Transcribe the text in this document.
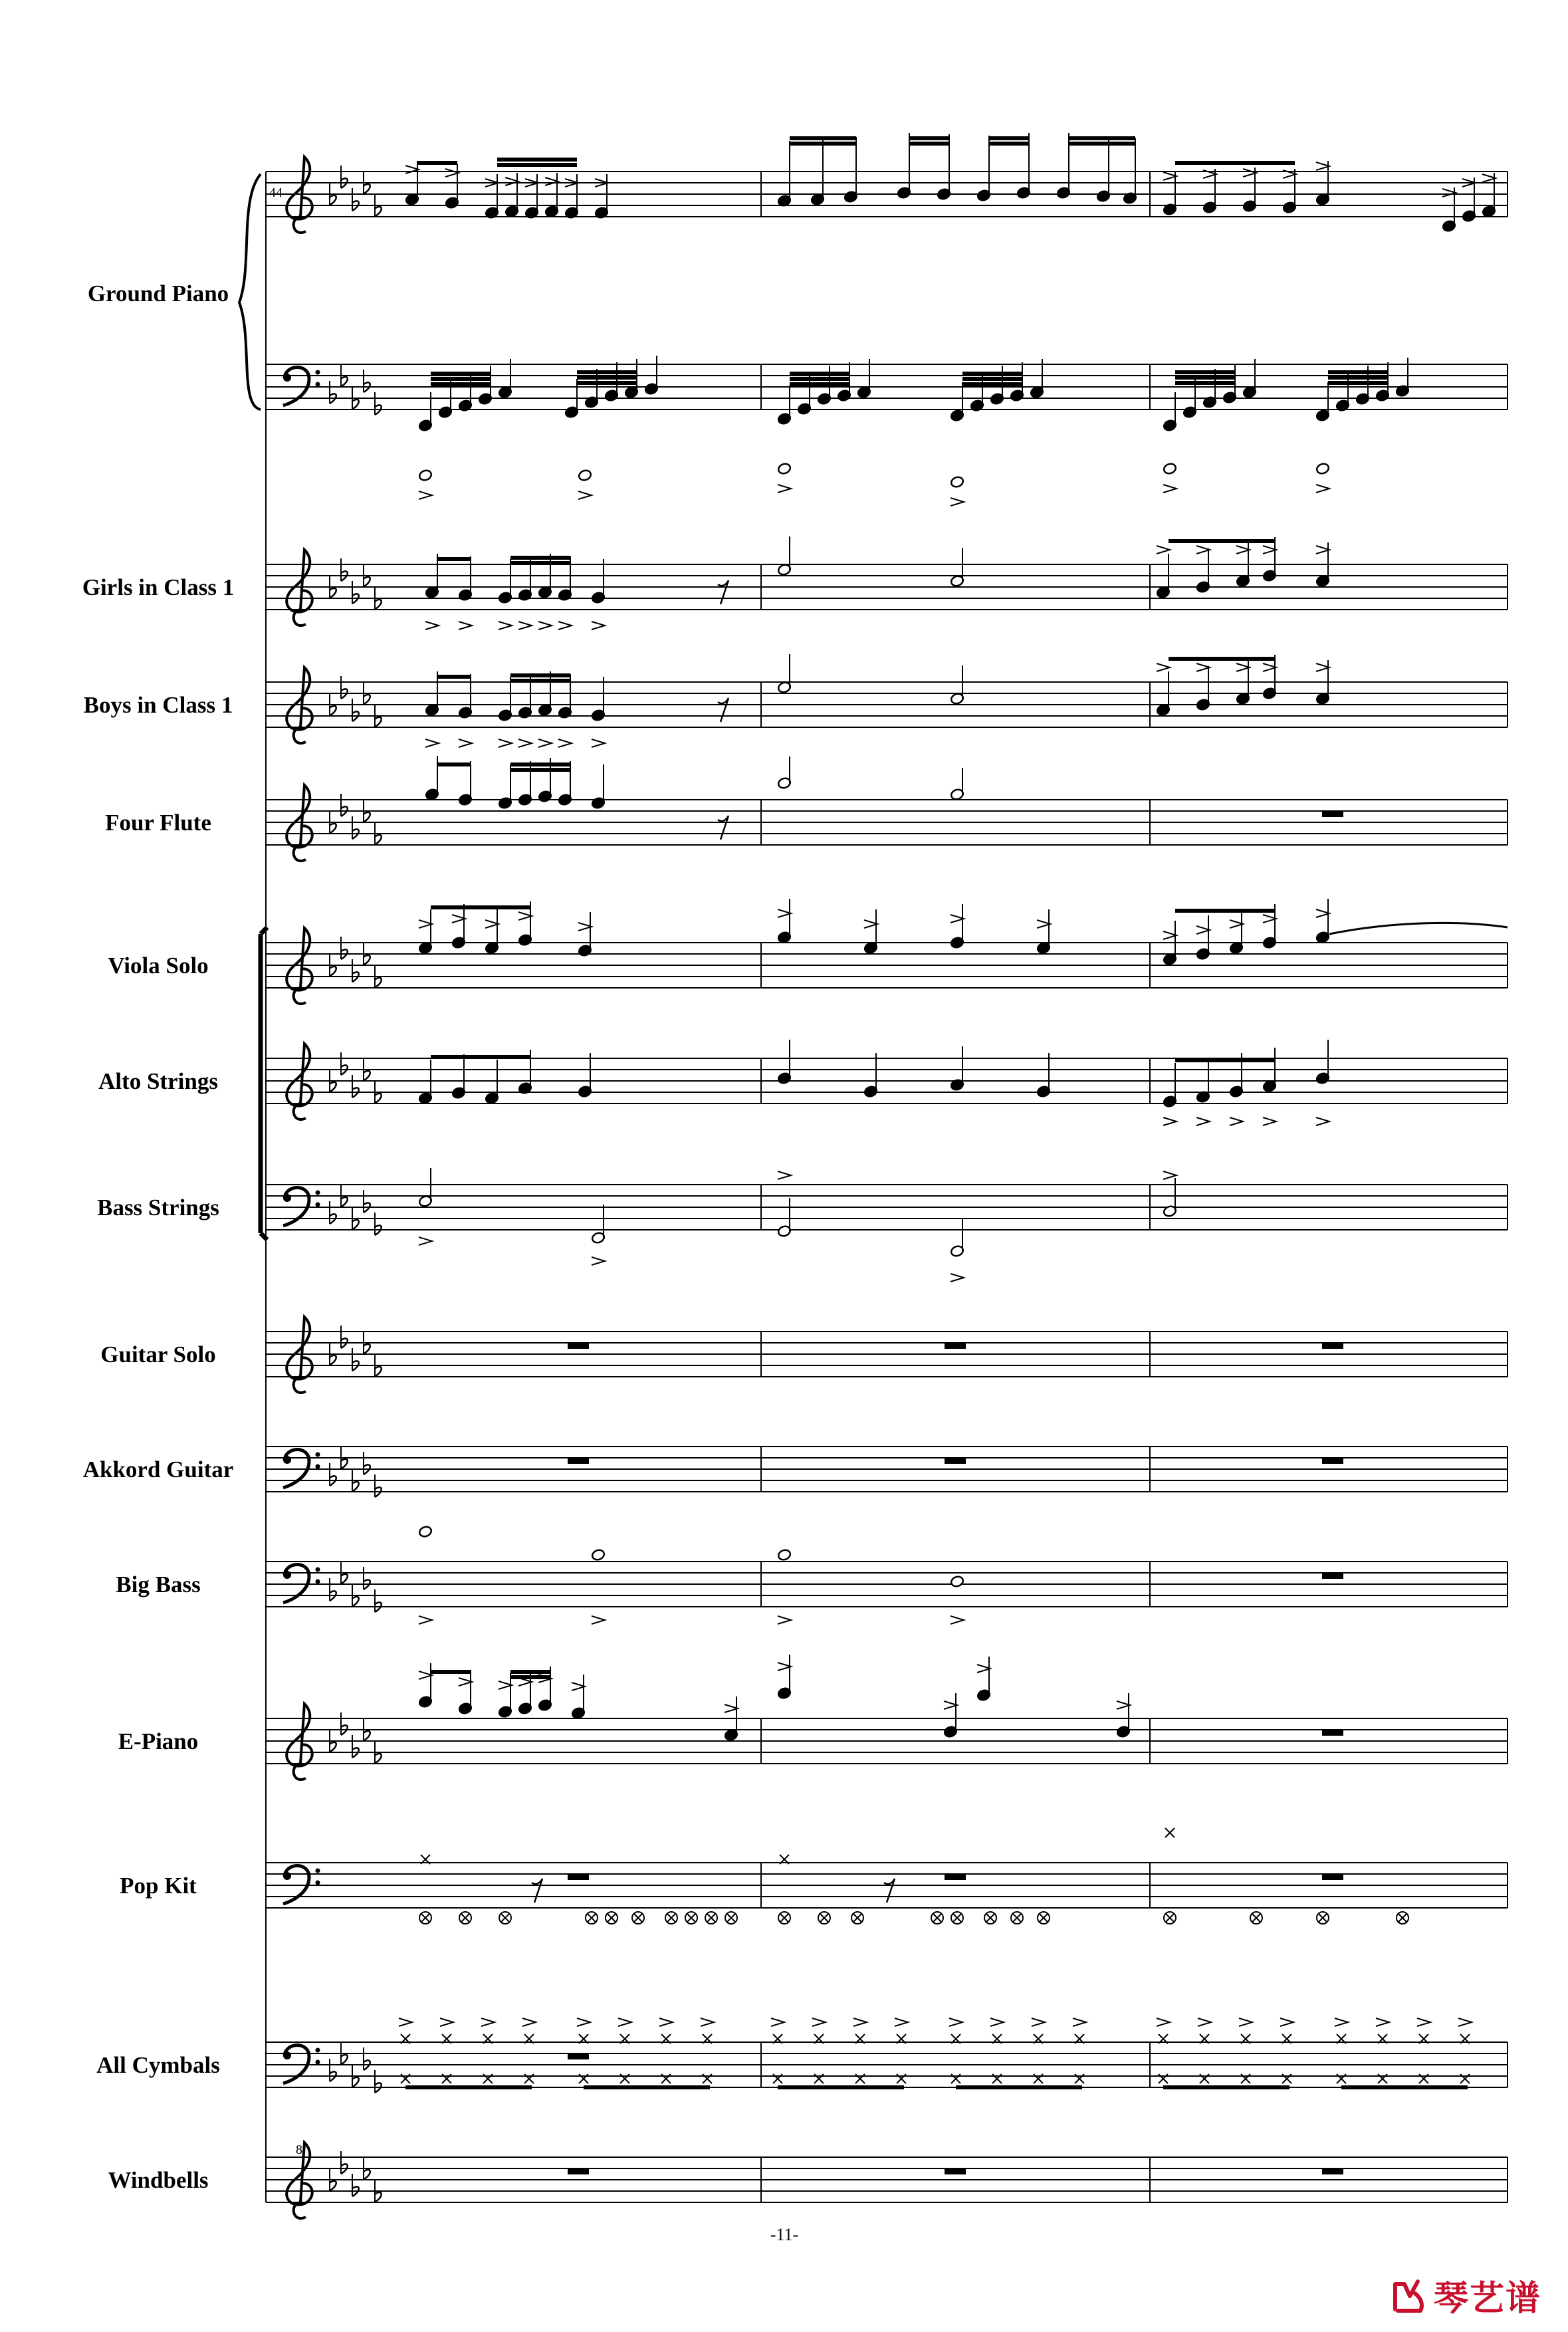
Ground Piano
Girls in Class 1
Boys in Class 1
Four Flute
Viola Solo
Alto Strings
Bass Strings
Guitar Solo
Akkord Guitar
Big Bass
E-Piano
Pop Kit
All Cymbals
Windbells
8
44
-11-
琴艺谱
